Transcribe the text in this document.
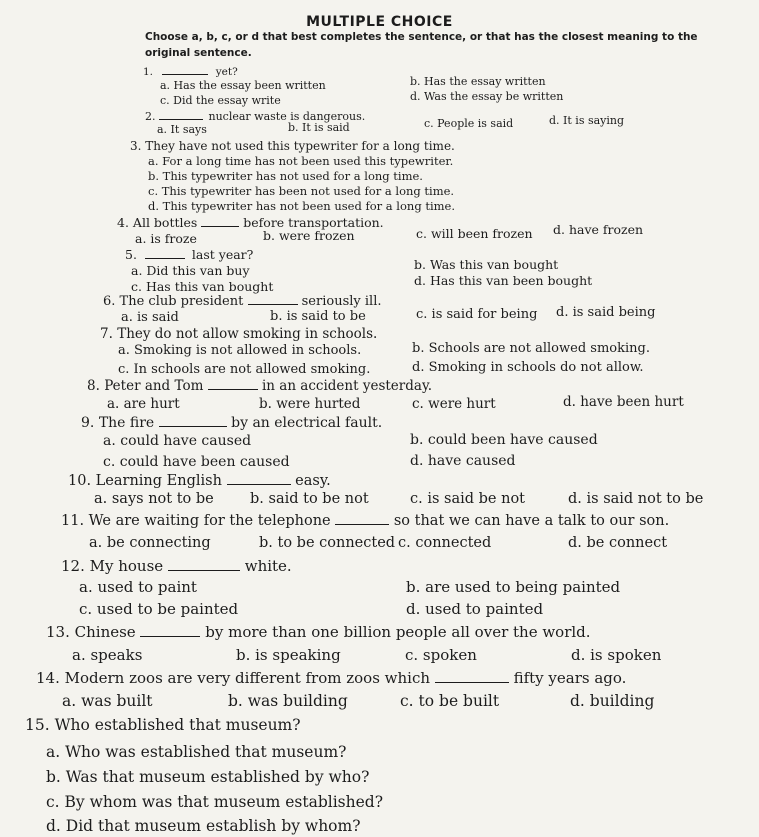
MULTIPLE CHOICE
Choose a, b, c, or d that best completes the sentence, or that has the closest meaning to the original sentence.
1.	yet?
a. Has the essay been written	b. Has the essay written
c. Did the essay write	d. Was the essay be written
2.	nuclear waste is dangerous.
a. It says	b. It is said	c. People is said	d. It is saying
3. They have not used this typewriter for a long time.
a. For a long time has not been used this typewriter.
b. This typewriter has not used for a long time.
c. This typewriter has been not used for a long time.
d. This typewriter has not been used for a long time.
4. All bottles	before transportation.
a. is froze	b. were frozen	c. will been frozen d. have frozen
5.	last year?
a. Did this van buy	b. Was this van bought
c. Has this van bought	d. Has this van been bought
6. The club president	seriously ill.
a. is said	b. is said to be	c. is said for being d. is said being
7. They do not allow smoking in schools.
a. Smoking is not allowed in schools.	b. Schools are not allowed smoking.
c. In schools are not allowed smoking.	d. Smoking in schools do not allow.
8. Peter and Tom	in an accident yesterday.
a. are hurt	b. were hurted	c. were hurt	d. have been hurt
9. The fire	by an electrical fault.
a. could have caused	b. could been have caused
c. could have been caused	d. have caused
10. Learning English	easy.
a. says not to be	b. said to be not	c. is said be not	d. is said not to be
11. We are waiting for the telephone	so that we can have a talk to our son.
a. be connecting	b. to be connected c. connected	d. be connect
12. My house	white.
a. used to paint	b. are used to being painted
c. used to be painted	d. used to painted
13. Chinese	by more than one billion people all over the world.
a. speaks	b. is speaking	c. spoken	d. is spoken
14. Modern zoos are very different from zoos which	fifty years ago.
a. was built	b. was building	c. to be built	d. building
15. Who established that museum?
a. Who was established that museum?
b. Was that museum established by who?
c. By whom was that museum established?
d. Did that museum establish by whom?
